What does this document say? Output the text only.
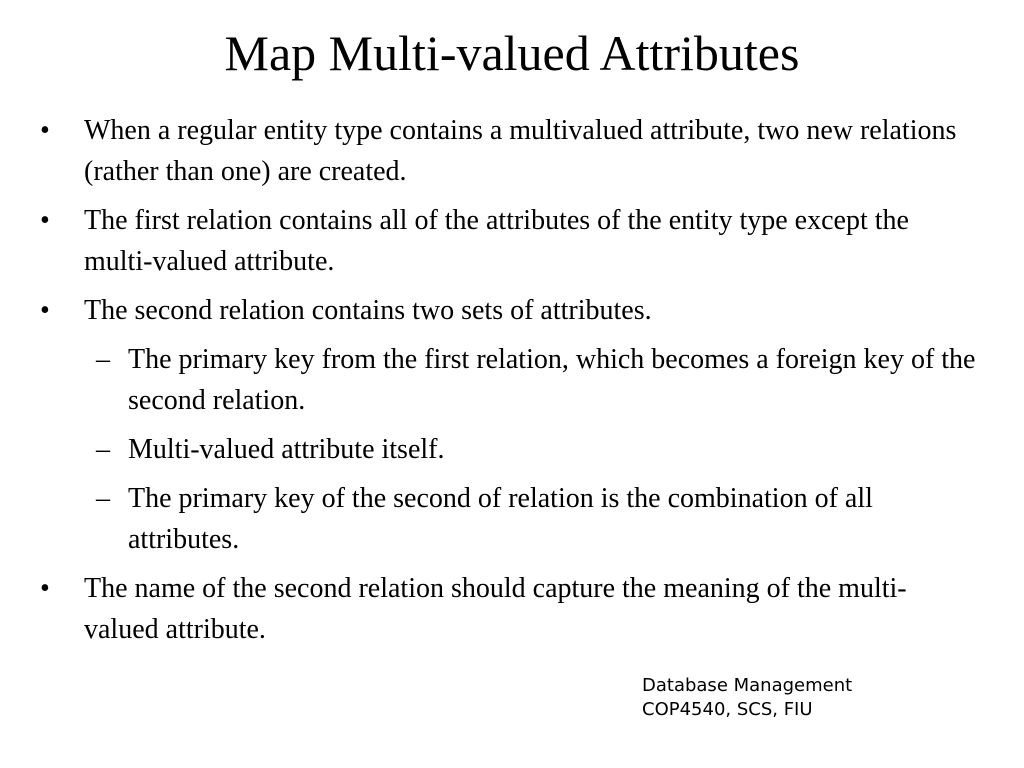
Map Multi-valued Attributes
•	When a regular entity type contains a multivalued attribute, two new relations (rather than one) are created.
•	The first relation contains all of the attributes of the entity type except the multi-valued attribute.
•	The second relation contains two sets of attributes.
– The primary key from the first relation, which becomes a foreign key of the second relation.
– Multi-valued attribute itself.
– The primary key of the second of relation is the combination of all attributes.
•	The name of the second relation should capture the meaning of the multi-valued attribute.
Database Management
COP4540, SCS, FIU
